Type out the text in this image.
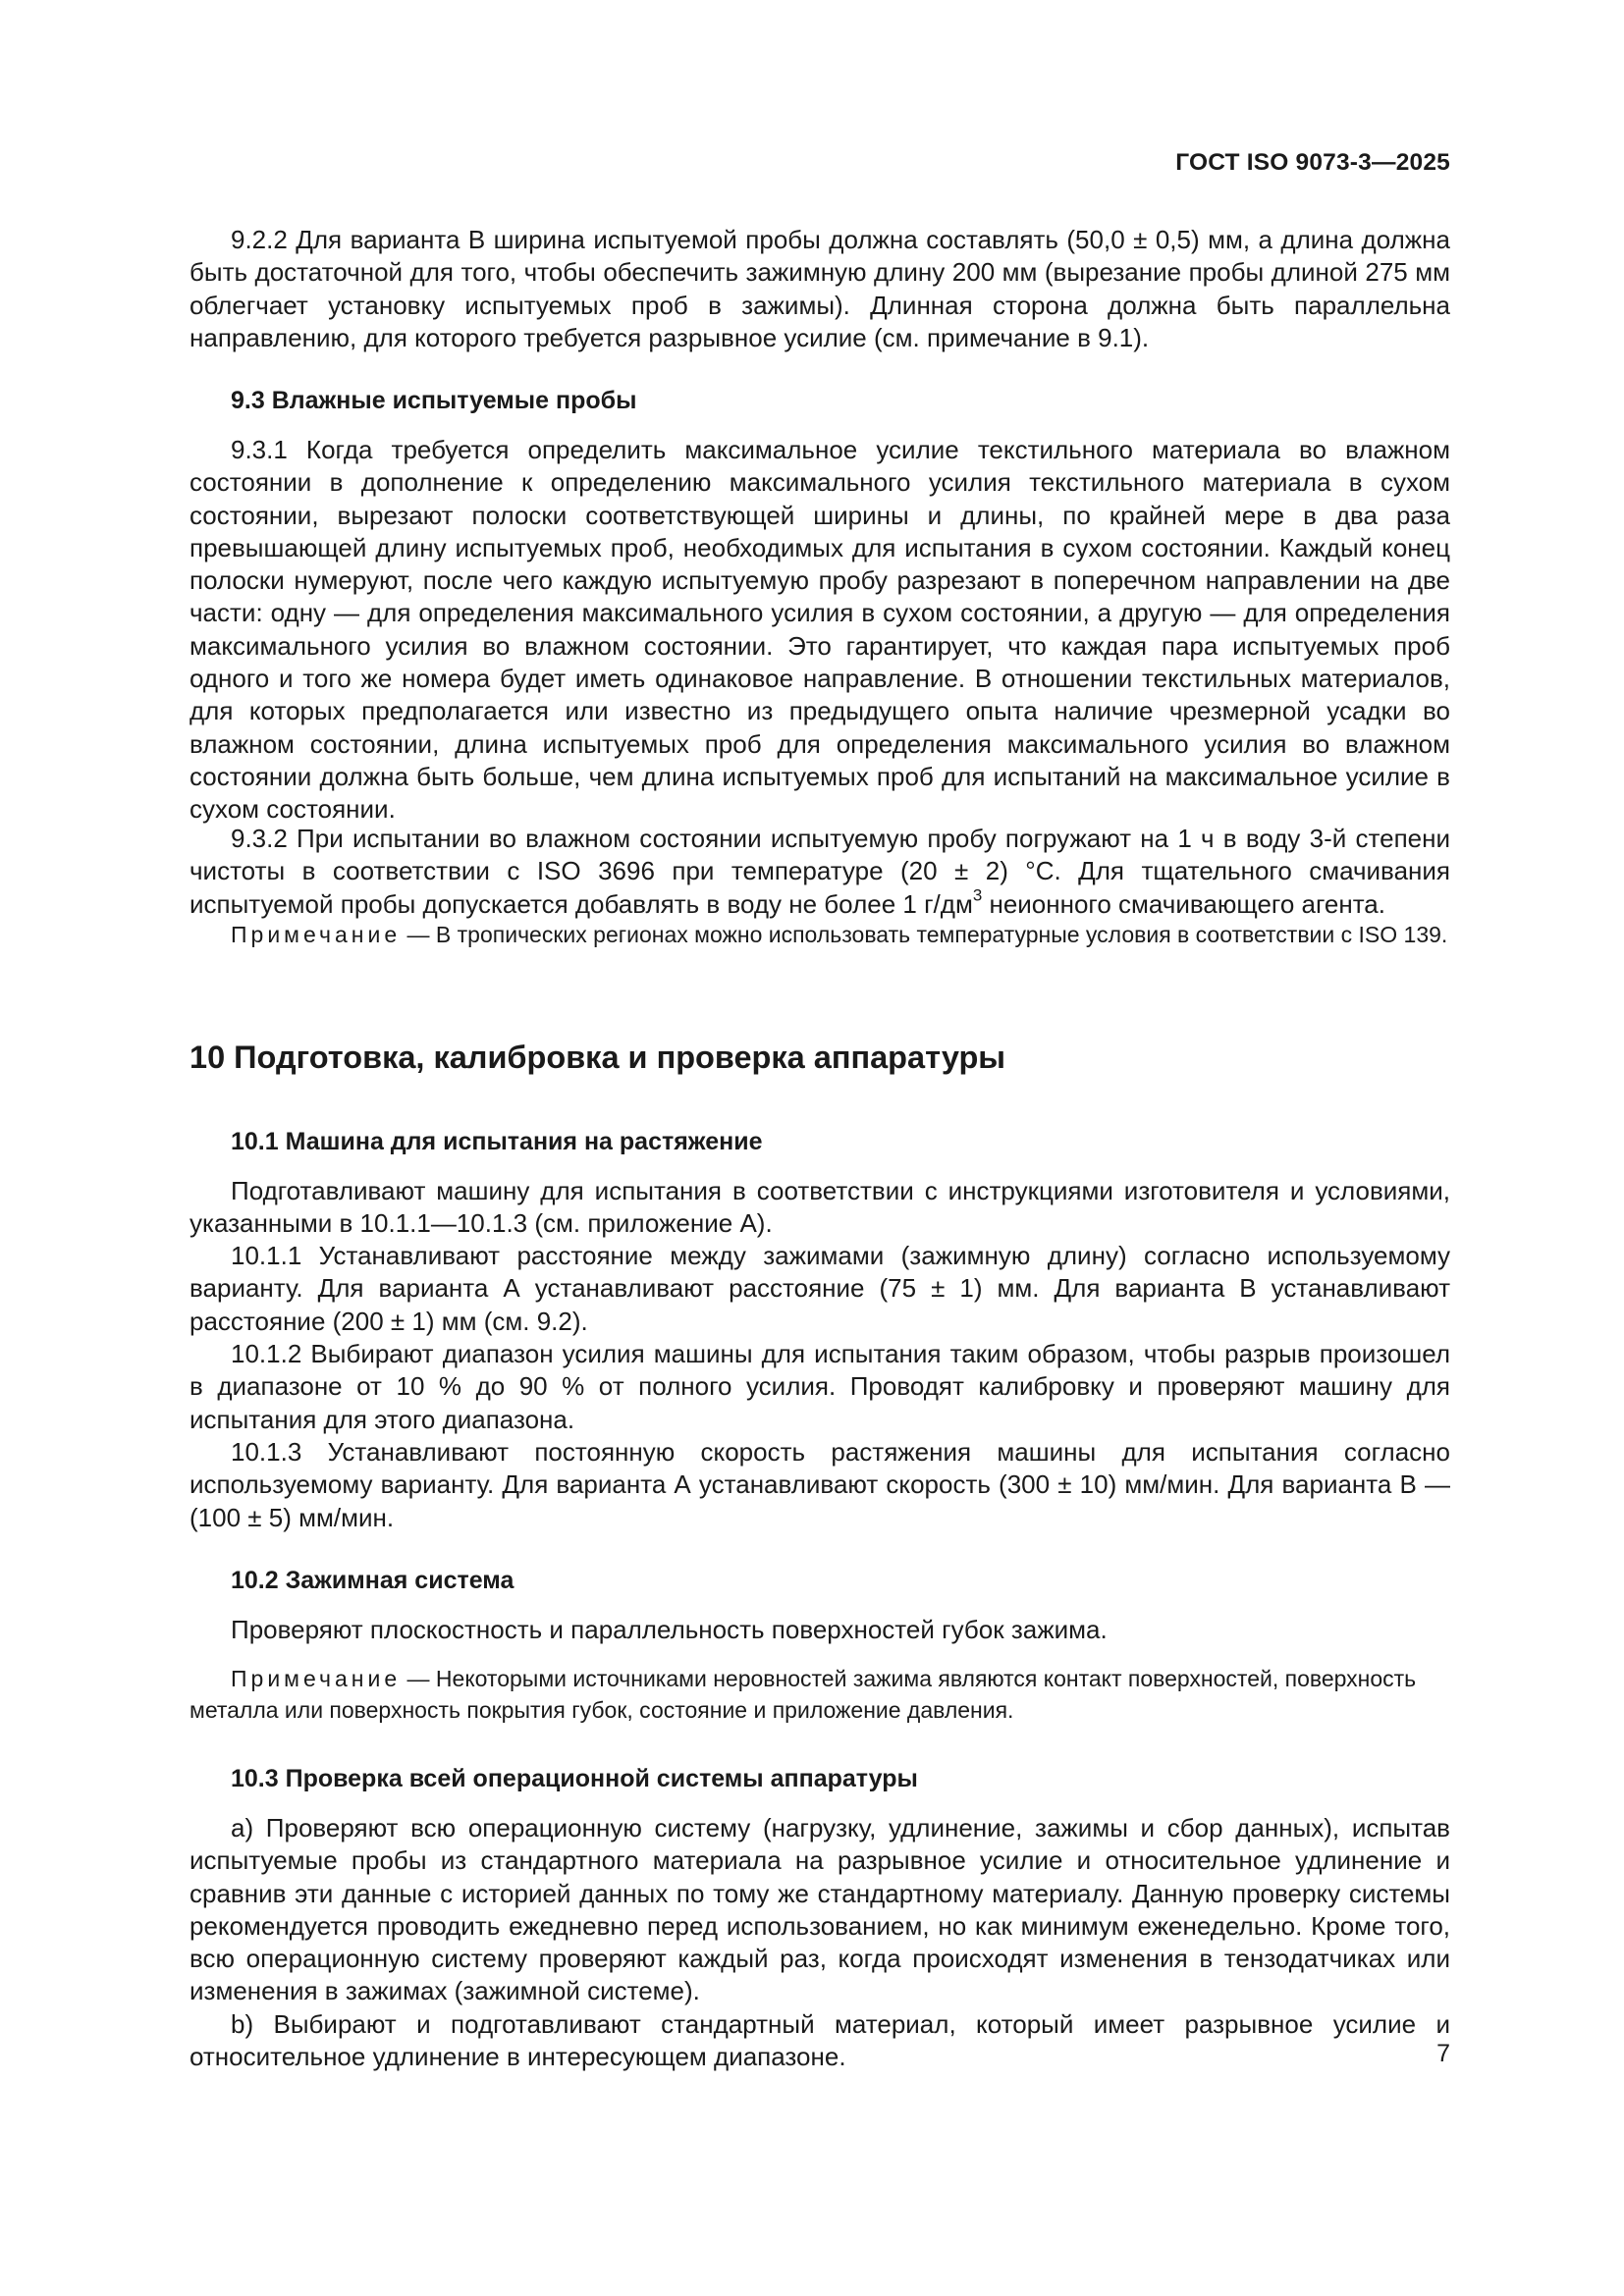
ГОСТ ISO 9073-3—2025

9.2.2 Для варианта B ширина испытуемой пробы должна составлять (50,0 ± 0,5) мм, а длина должна быть достаточной для того, чтобы обеспечить зажимную длину 200 мм (вырезание пробы длиной 275 мм облегчает установку испытуемых проб в зажимы). Длинная сторона должна быть параллельна направлению, для которого требуется разрывное усилие (см. примечание в 9.1).

9.3 Влажные испытуемые пробы

9.3.1 Когда требуется определить максимальное усилие текстильного материала во влажном состоянии в дополнение к определению максимального усилия текстильного материала в сухом состоянии, вырезают полоски соответствующей ширины и длины, по крайней мере в два раза превышающей длину испытуемых проб, необходимых для испытания в сухом состоянии. Каждый конец полоски нумеруют, после чего каждую испытуемую пробу разрезают в поперечном направлении на две части: одну — для определения максимального усилия в сухом состоянии, а другую — для определения максимального усилия во влажном состоянии. Это гарантирует, что каждая пара испытуемых проб одного и того же номера будет иметь одинаковое направление. В отношении текстильных материалов, для которых предполагается или известно из предыдущего опыта наличие чрезмерной усадки во влажном состоянии, длина испытуемых проб для определения максимального усилия во влажном состоянии должна быть больше, чем длина испытуемых проб для испытаний на максимальное усилие в сухом состоянии.

9.3.2 При испытании во влажном состоянии испытуемую пробу погружают на 1 ч в воду 3-й степени чистоты в соответствии с ISO 3696 при температуре (20 ± 2) °С. Для тщательного смачивания испытуемой пробы допускается добавлять в воду не более 1 $г/дм^3$ неионного смачивающего агента.

Примечание — В тропических регионах можно использовать температурные условия в соответствии с ISO 139.

10 Подготовка, калибровка и проверка аппаратуры
10.1 Машина для испытания на растяжение

Подготавливают машину для испытания в соответствии с инструкциями изготовителя и условиями, указанными в 10.1.1—10.1.3 (см. приложение А).

10.1.1 Устанавливают расстояние между зажимами (зажимную длину) согласно используемому варианту. Для варианта А устанавливают расстояние (75 ± 1) мм. Для варианта B устанавливают расстояние (200 ± 1) мм (см. 9.2).

10.1.2 Выбирают диапазон усилия машины для испытания таким образом, чтобы разрыв произошел в диапазоне от 10 % до 90 % от полного усилия. Проводят калибровку и проверяют машину для испытания для этого диапазона.

10.1.3 Устанавливают постоянную скорость растяжения машины для испытания согласно используемому варианту. Для варианта А устанавливают скорость (300 ± 10) мм/мин. Для варианта B — (100 ± 5) мм/мин.

10.2 Зажимная система

Проверяют плоскостность и параллельность поверхностей губок зажима.

Примечание — Некоторыми источниками неровностей зажима являются контакт поверхностей, поверхность металла или поверхность покрытия губок, состояние и приложение давления.

10.3 Проверка всей операционной системы аппаратуры

a) Проверяют всю операционную систему (нагрузку, удлинение, зажимы и сбор данных), испытав испытуемые пробы из стандартного материала на разрывное усилие и относительное удлинение и сравнив эти данные с историей данных по тому же стандартному материалу. Данную проверку системы рекомендуется проводить ежедневно перед использованием, но как минимум еженедельно. Кроме того, всю операционную систему проверяют каждый раз, когда происходят изменения в тензодатчиках или изменения в зажимах (зажимной системе).

b) Выбирают и подготавливают стандартный материал, который имеет разрывное усилие и относительное удлинение в интересующем диапазоне.	7
